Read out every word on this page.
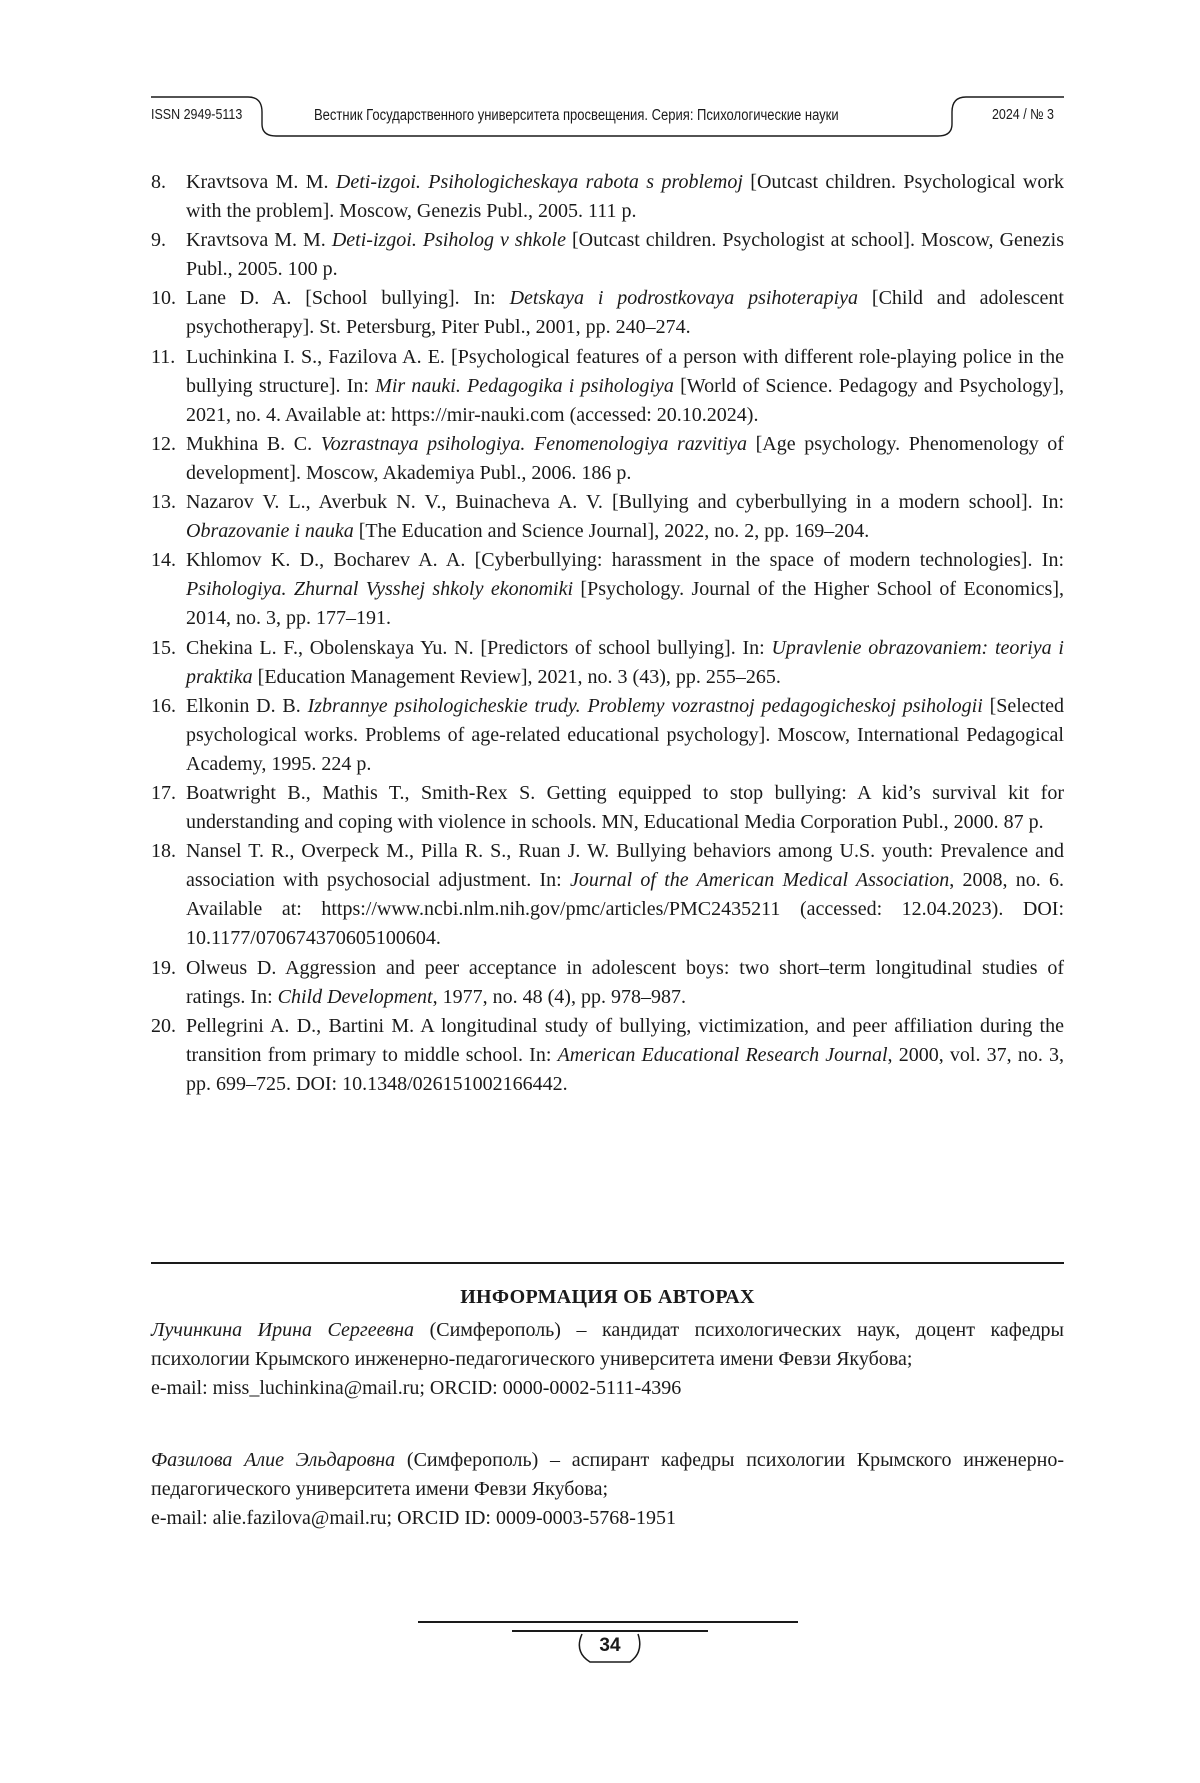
ISSN 2949-5113	Вестник Государственного университета просвещения. Серия: Психологические науки	2024 / № 3
8. Kravtsova M. M. Deti-izgoi. Psihologicheskaya rabota s problemoj [Outcast children. Psychological work with the problem]. Moscow, Genezis Publ., 2005. 111 p.
9. Kravtsova M. M. Deti-izgoi. Psiholog v shkole [Outcast children. Psychologist at school]. Moscow, Genezis Publ., 2005. 100 p.
10. Lane D. A. [School bullying]. In: Detskaya i podrostkovaya psihoterapiya [Child and adolescent psychotherapy]. St. Petersburg, Piter Publ., 2001, pp. 240–274.
11. Luchinkina I. S., Fazilova A. E. [Psychological features of a person with different role-playing police in the bullying structure]. In: Mir nauki. Pedagogika i psihologiya [World of Science. Pedagogy and Psychology], 2021, no. 4. Available at: https://mir-nauki.com (accessed: 20.10.2024).
12. Mukhina B. C. Vozrastnaya psihologiya. Fenomenologiya razvitiya [Age psychology. Phenomenology of development]. Moscow, Akademiya Publ., 2006. 186 p.
13. Nazarov V. L., Averbuk N. V., Buinacheva A. V. [Bullying and cyberbullying in a modern school]. In: Obrazovanie i nauka [The Education and Science Journal], 2022, no. 2, pp. 169–204.
14. Khlomov K. D., Bocharev A. A. [Cyberbullying: harassment in the space of modern technologies]. In: Psihologiya. Zhurnal Vysshej shkoly ekonomiki [Psychology. Journal of the Higher School of Economics], 2014, no. 3, pp. 177–191.
15. Chekina L. F., Obolenskaya Yu. N. [Predictors of school bullying]. In: Upravlenie obrazovaniem: teoriya i praktika [Education Management Review], 2021, no. 3 (43), pp. 255–265.
16. Elkonin D. B. Izbrannye psihologicheskie trudy. Problemy vozrastnoj pedagogicheskoj psihologii [Selected psychological works. Problems of age-related educational psychology]. Moscow, International Pedagogical Academy, 1995. 224 p.
17. Boatwright B., Mathis T., Smith-Rex S. Getting equipped to stop bullying: A kid’s survival kit for understanding and coping with violence in schools. MN, Educational Media Corporation Publ., 2000. 87 p.
18. Nansel T. R., Overpeck M., Pilla R. S., Ruan J. W. Bullying behaviors among U.S. youth: Prevalence and association with psychosocial adjustment. In: Journal of the American Medical Association, 2008, no. 6. Available at: https://www.ncbi.nlm.nih.gov/pmc/articles/PMC2435211 (accessed: 12.04.2023). DOI: 10.1177/070674370605100604.
19. Olweus D. Aggression and peer acceptance in adolescent boys: two short–term longitudinal studies of ratings. In: Child Development, 1977, no. 48 (4), pp. 978–987.
20. Pellegrini A. D., Bartini M. A longitudinal study of bullying, victimization, and peer affiliation during the transition from primary to middle school. In: American Educational Research Journal, 2000, vol. 37, no. 3, pp. 699–725. DOI: 10.1348/026151002166442.
ИНФОРМАЦИЯ ОБ АВТОРАХ
Лучинкина Ирина Сергеевна (Симферополь) – кандидат психологических наук, доцент кафедры психологии Крымского инженерно-педагогического университета имени Февзи Якубова;
e-mail: miss_luchinkina@mail.ru; ORCID: 0000-0002-5111-4396
Фазилова Алие Эльдаровна (Симферополь) – аспирант кафедры психологии Крымского инженерно-педагогического университета имени Февзи Якубова;
e-mail: alie.fazilova@mail.ru; ORCID ID: 0009-0003-5768-1951
34
